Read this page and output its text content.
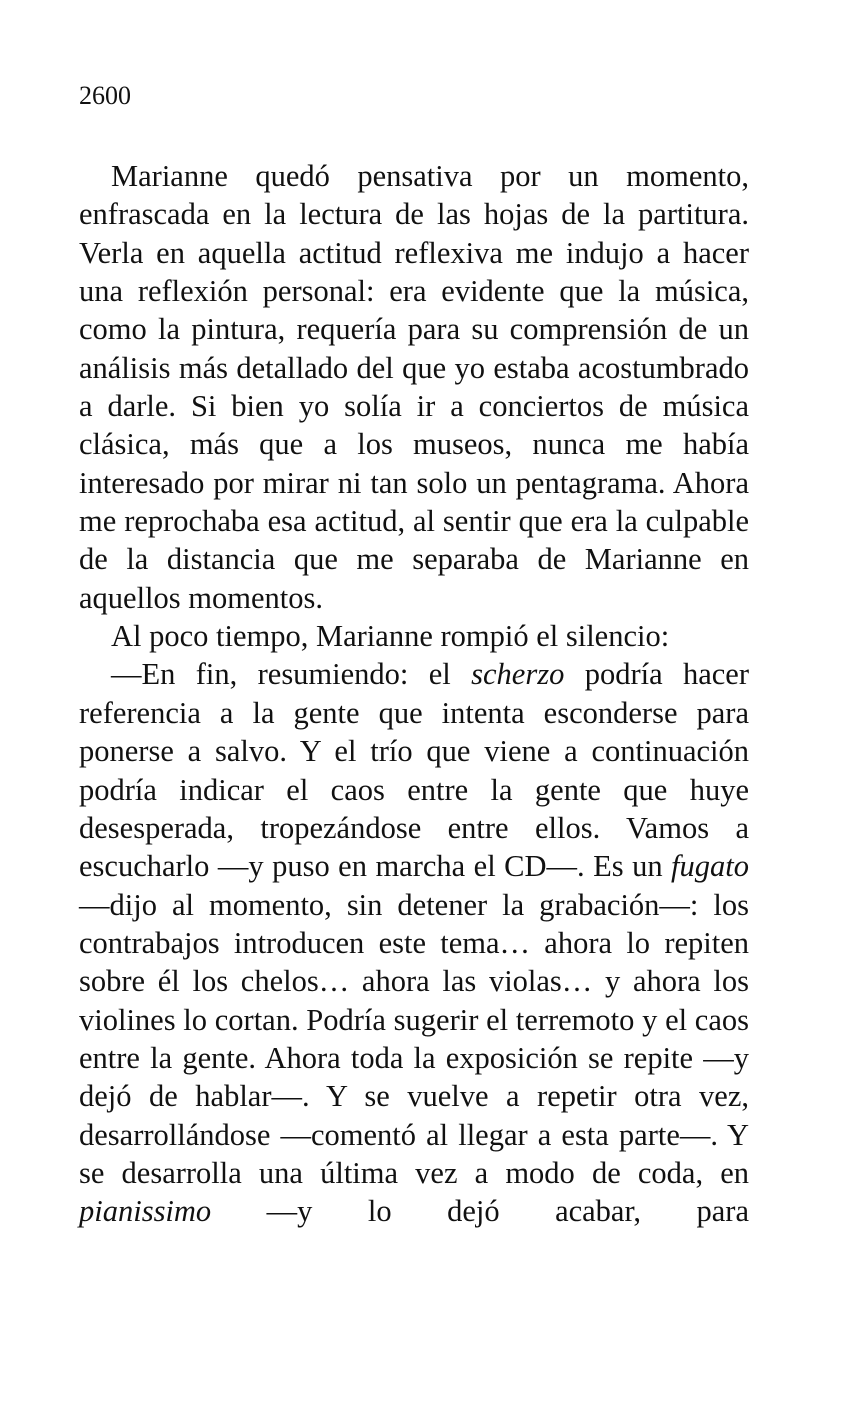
2600

Marianne quedó pensativa por un momento, enfrascada en la lectura de las hojas de la partitura. Verla en aquella actitud reflexiva me indujo a hacer una reflexión personal: era evidente que la música, como la pintura, requería para su comprensión de un análisis más detallado del que yo estaba acostumbrado a darle. Si bien yo solía ir a conciertos de música clásica, más que a los museos, nunca me había interesado por mirar ni tan solo un pentagrama. Ahora me reprochaba esa actitud, al sentir que era la culpable de la distancia que me separaba de Marianne en aquellos momentos.

Al poco tiempo, Marianne rompió el silencio:

—En fin, resumiendo: el scherzo podría hacer referencia a la gente que intenta esconderse para ponerse a salvo. Y el trío que viene a continuación podría indicar el caos entre la gente que huye desesperada, tropezándose entre ellos. Vamos a escucharlo —y puso en marcha el CD—. Es un fugato —dijo al momento, sin detener la grabación—: los contrabajos introducen este tema… ahora lo repiten sobre él los chelos… ahora las violas… y ahora los violines lo cortan. Podría sugerir el terremoto y el caos entre la gente. Ahora toda la exposición se repite —y dejó de hablar—. Y se vuelve a repetir otra vez, desarrollándose —comentó al llegar a esta parte—. Y se desarrolla una última vez a modo de coda, en pianissimo —y lo dejó acabar, para
